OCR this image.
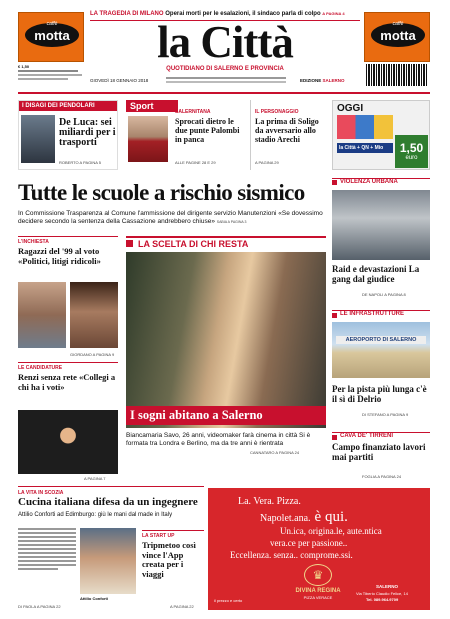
caffè
motta
€ 1,50
LA TRAGEDIA DI MILANO Operai morti per le esalazioni, il sindaco parla di colpo A PAGINA 4
la Città
QUOTIDIANO DI SALERNO E PROVINCIA
GIOVEDÌ 18 GENNAIO 2018	EDIZIONE SALERNO
caffè
motta
I DISAGI DEI PENDOLARI
De Luca: sei miliardi per i trasporti
ROBERTO A PAGINA 5
Sport
SALERNITANA
Sprocati dietro le due punte Palombi in panca
ALLE PAGINE 28 E 29
IL PERSONAGGIO
La prima di Soligo da avversario allo stadio Arechi
A PAGINA 29
OGGI
la Città + QN + Mio	1,50
euro
Tutte le scuole a rischio sismico
In Commissione Trasparenza al Comune l'ammissione del dirigente servizio Manutenzioni «Se dovessimo decidere secondo la sentenza della Cassazione andrebbero chiuse» SABIA A PAGINA 3
L'INCHIESTA
Ragazzi del '99 al voto «Politici, litigi ridicoli»
GIORDANO A PAGINA 9
LE CANDIDATURE
Renzi senza rete «Collegi a chi ha i voti»
A PAGINA 7
LA SCELTA DI CHI RESTA
I sogni abitano a Salerno
Biancamaria Savo, 26 anni, videomaker farà cinema in città Si è formata tra Londra e Berlino, ma da tre anni è rientrata
CANNATARO A PAGINA 24
VIOLENZA URBANA
Raid e devastazioni La gang dal giudice
DE NAPOLI A PAGINA 8
LE INFRASTRUTTURE
AEROPORTO DI SALERNO
Per la pista più lunga c'è il sì di Delrio
DI STEFANO A PAGINA 9
CAVA DE' TIRRENI
Campo finanziato lavori mai partiti
FOGLIA A PAGINA 24
LA VITA IN SCOZIA
Cucina italiana difesa da un ingegnere
Attilio Conforti ad Edimburgo: giù le mani dal made in Italy
Attilio Conforti
DI PAOLA A PAGINA 22
LA START UP
Tripmetoo così vince l'App creata per i viaggi
A PAGINA 22
La. Vera. Pizza.
Napolet.ana. è qui.
Un.ica, origina.le, aute.ntica
vera.ce per passione..
Eccellenza. senza.. comprome.ssi.
♛
DIVINA REGINA
PIZZA VERACE
il prezzo e certo
SALERNO
Via Tiberio Claudio Felice, 14
Tel. 089.964.9709
